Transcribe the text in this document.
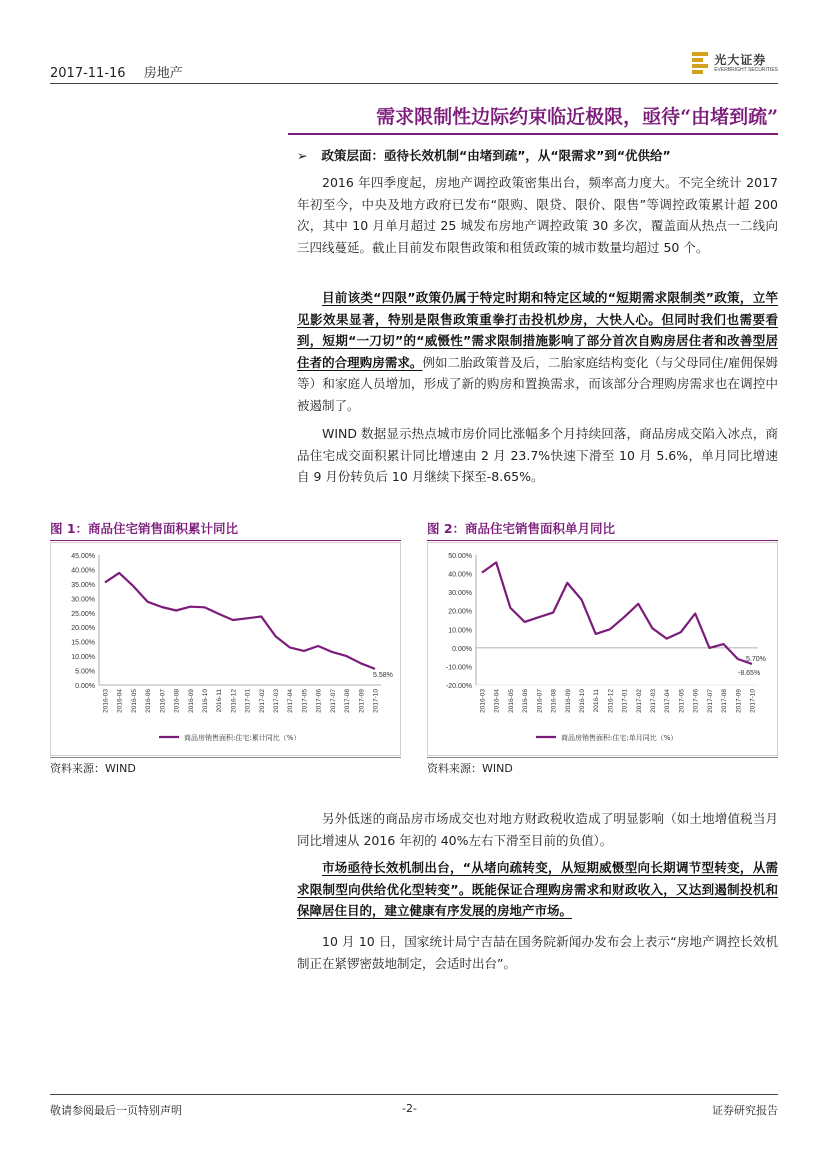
2017-11-16 房地产
光大证券
EVERBRIGHT SECURITIES
需求限制性边际约束临近极限，亟待“由堵到疏”
➢ 政策层面：亟待长效机制“由堵到疏”，从“限需求”到“优供给”
2016 年四季度起，房地产调控政策密集出台，频率高力度大。不完全统计 2017 年初至今，中央及地方政府已发布“限购、限贷、限价、限售”等调控政策累计超 200 次，其中 10 月单月超过 25 城发布房地产调控政策 30 多次，覆盖面从热点一二线向三四线蔓延。截止目前发布限售政策和租赁政策的城市数量均超过 50 个。
目前该类“四限”政策仍属于特定时期和特定区域的“短期需求限制类”政策，立竿见影效果显著，特别是限售政策重拳打击投机炒房，大快人心。但同时我们也需要看到，短期“一刀切”的“威慑性”需求限制措施影响了部分首次自购房居住者和改善型居住者的合理购房需求。例如二胎政策普及后，二胎家庭结构变化（与父母同住/雇佣保姆等）和家庭人员增加，形成了新的购房和置换需求，而该部分合理购房需求也在调控中被遏制了。
WIND 数据显示热点城市房价同比涨幅多个月持续回落，商品房成交陷入冰点，商品住宅成交面积累计同比增速由 2 月 23.7%快速下滑至 10 月 5.6%，单月同比增速自 9 月份转负后 10 月继续下探至-8.65%。
图 1：商品住宅销售面积累计同比
0.00%
5.00%
10.00%
15.00%
20.00%
25.00%
30.00%
35.00%
40.00%
45.00%
2016-03 2016-04 2016-05 2016-06 2016-07 2016-08 2016-09 2016-10 2016-11 2016-12 2017-01 2017-02 2017-03 2017-04 2017-05 2017-06 2017-07 2017-08 2017-09 2017-10
5.58%
商品房销售面积:住宅:累计同比（%）
资料来源：WIND
图 2：商品住宅销售面积单月同比
-20.00%
-10.00%
0.00%
10.00%
20.00%
30.00%
40.00%
50.00%
2016-03 2016-04 2016-05 2016-06 2016-07 2016-08 2016-09 2016-10 2016-11 2016-12 2017-01 2017-02 2017-03 2017-04 2017-05 2017-06 2017-07 2017-08 2017-09 2017-10
5.70%
-8.65%
商品房销售面积:住宅:单月同比（%）
资料来源：WIND
另外低迷的商品房市场成交也对地方财政税收造成了明显影响（如土地增值税当月同比增速从 2016 年初的 40%左右下滑至目前的负值）。
市场亟待长效机制出台，“从堵向疏转变，从短期威慑型向长期调节型转变，从需求限制型向供给优化型转变”。既能保证合理购房需求和财政收入，又达到遏制投机和保障居住目的，建立健康有序发展的房地产市场。
10 月 10 日，国家统计局宁吉喆在国务院新闻办发布会上表示“房地产调控长效机制正在紧锣密鼓地制定，会适时出台”。
敬请参阅最后一页特别声明	-2-	证券研究报告
